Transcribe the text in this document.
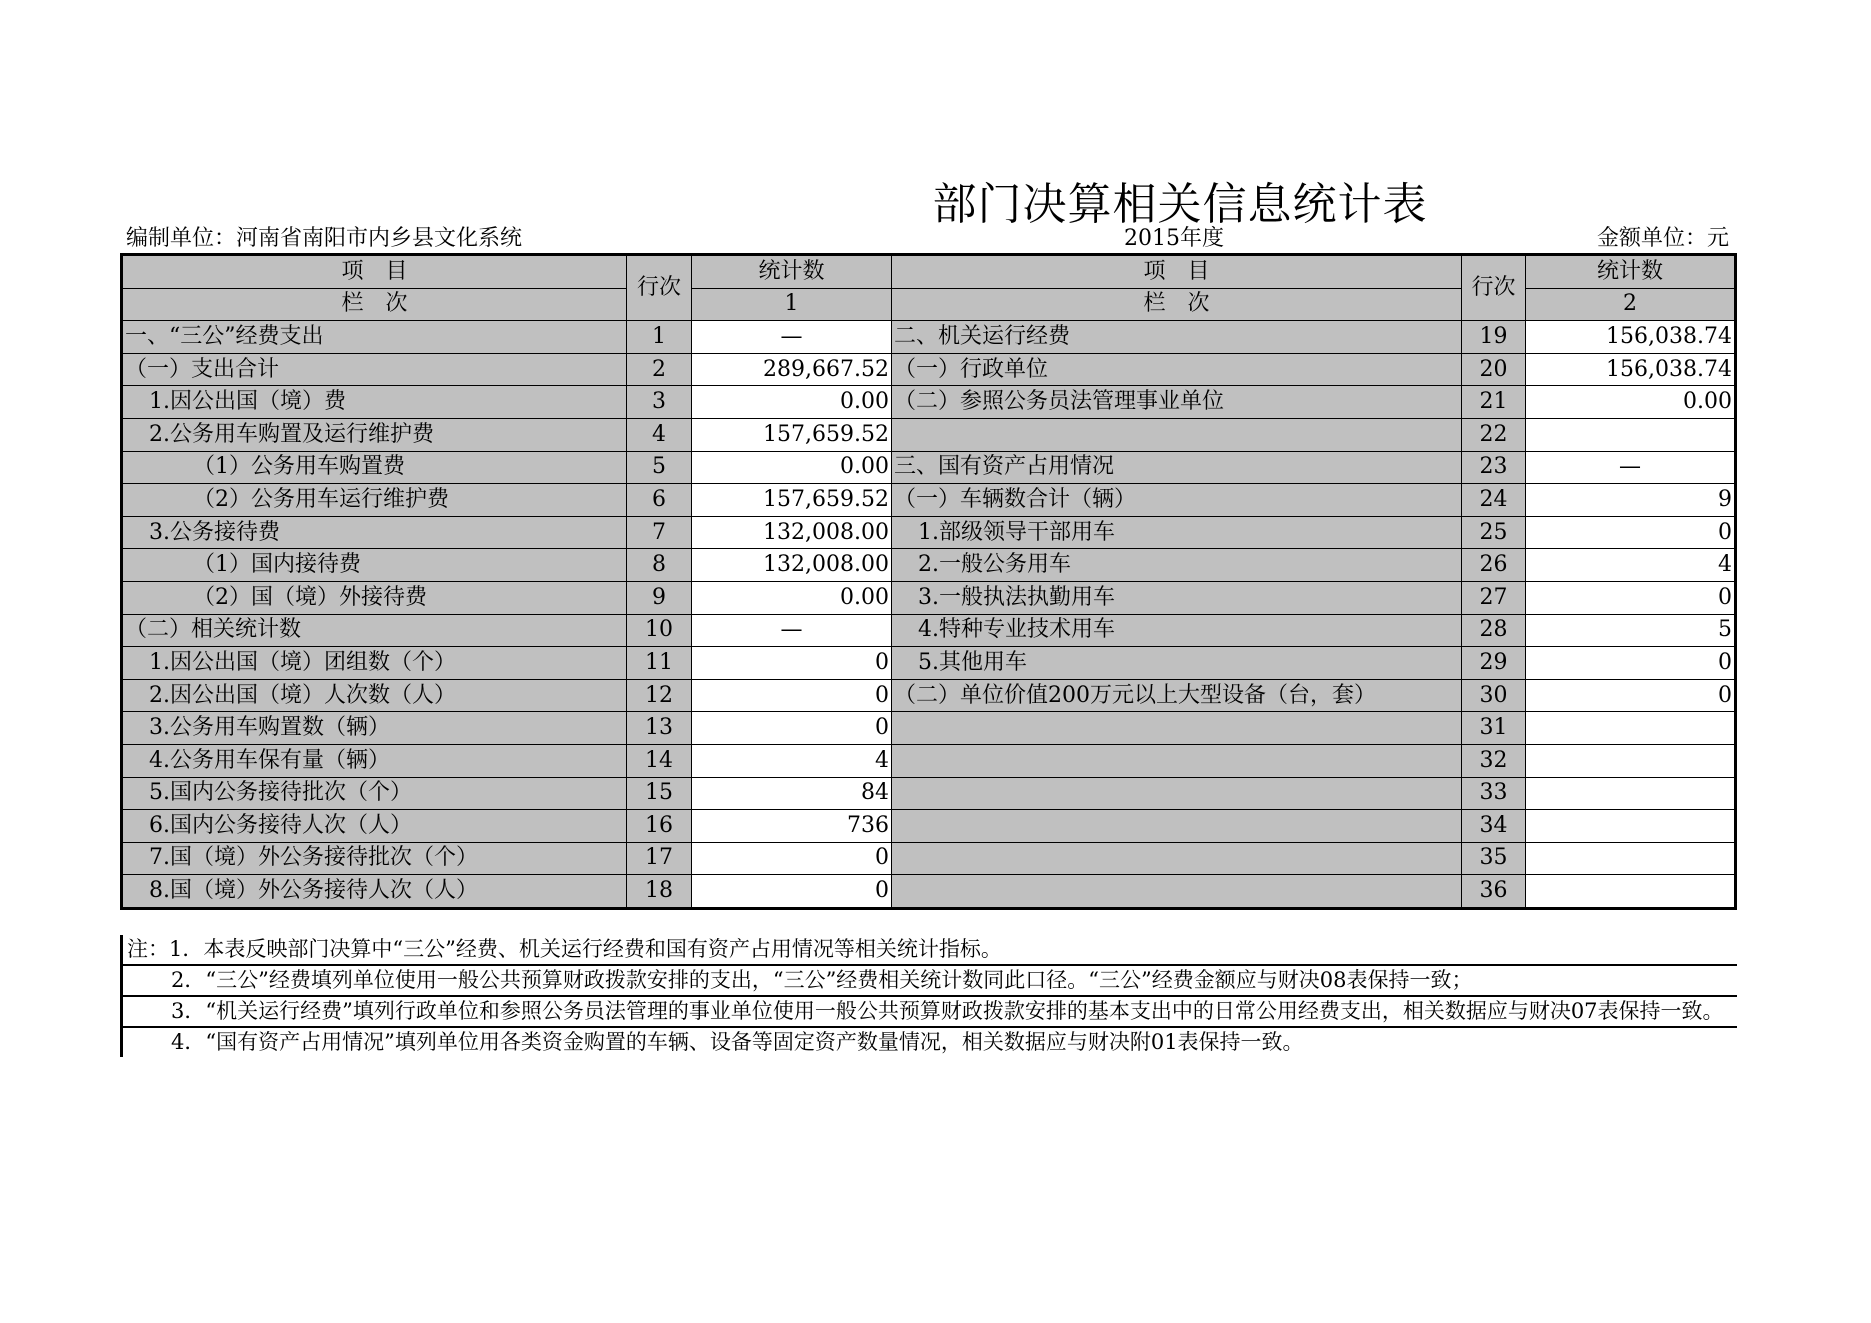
部门决算相关信息统计表
编制单位：河南省南阳市内乡县文化系统	2015年度	金额单位：元
项　目	行次	统计数	项　目	行次	统计数
栏　次		1	栏　次		2
一、“三公”经费支出	1	—	二、机关运行经费	19	156,038.74
（一）支出合计	2	289,667.52	（一）行政单位	20	156,038.74
1.因公出国（境）费	3	0.00	（二）参照公务员法管理事业单位	21	0.00
2.公务用车购置及运行维护费	4	157,659.52		22	
（1）公务用车购置费	5	0.00	三、国有资产占用情况	23	—
（2）公务用车运行维护费	6	157,659.52	（一）车辆数合计（辆）	24	9
3.公务接待费	7	132,008.00	1.部级领导干部用车	25	0
（1）国内接待费	8	132,008.00	2.一般公务用车	26	4
（2）国（境）外接待费	9	0.00	3.一般执法执勤用车	27	0
（二）相关统计数	10	—	4.特种专业技术用车	28	5
1.因公出国（境）团组数（个）	11	0	5.其他用车	29	0
2.因公出国（境）人次数（人）	12	0	（二）单位价值200万元以上大型设备（台，套）	30	0
3.公务用车购置数（辆）	13	0		31	
4.公务用车保有量（辆）	14	4		32	
5.国内公务接待批次（个）	15	84		33	
6.国内公务接待人次（人）	16	736		34	
7.国（境）外公务接待批次（个）	17	0		35	
8.国（境）外公务接待人次（人）	18	0		36	
注：1．本表反映部门决算中“三公”经费、机关运行经费和国有资产占用情况等相关统计指标。
2．“三公”经费填列单位使用一般公共预算财政拨款安排的支出，“三公”经费相关统计数同此口径。“三公”经费金额应与财决08表保持一致；
3．“机关运行经费”填列行政单位和参照公务员法管理的事业单位使用一般公共预算财政拨款安排的基本支出中的日常公用经费支出，相关数据应与财决07表保持一致。
4．“国有资产占用情况”填列单位用各类资金购置的车辆、设备等固定资产数量情况，相关数据应与财决附01表保持一致。
